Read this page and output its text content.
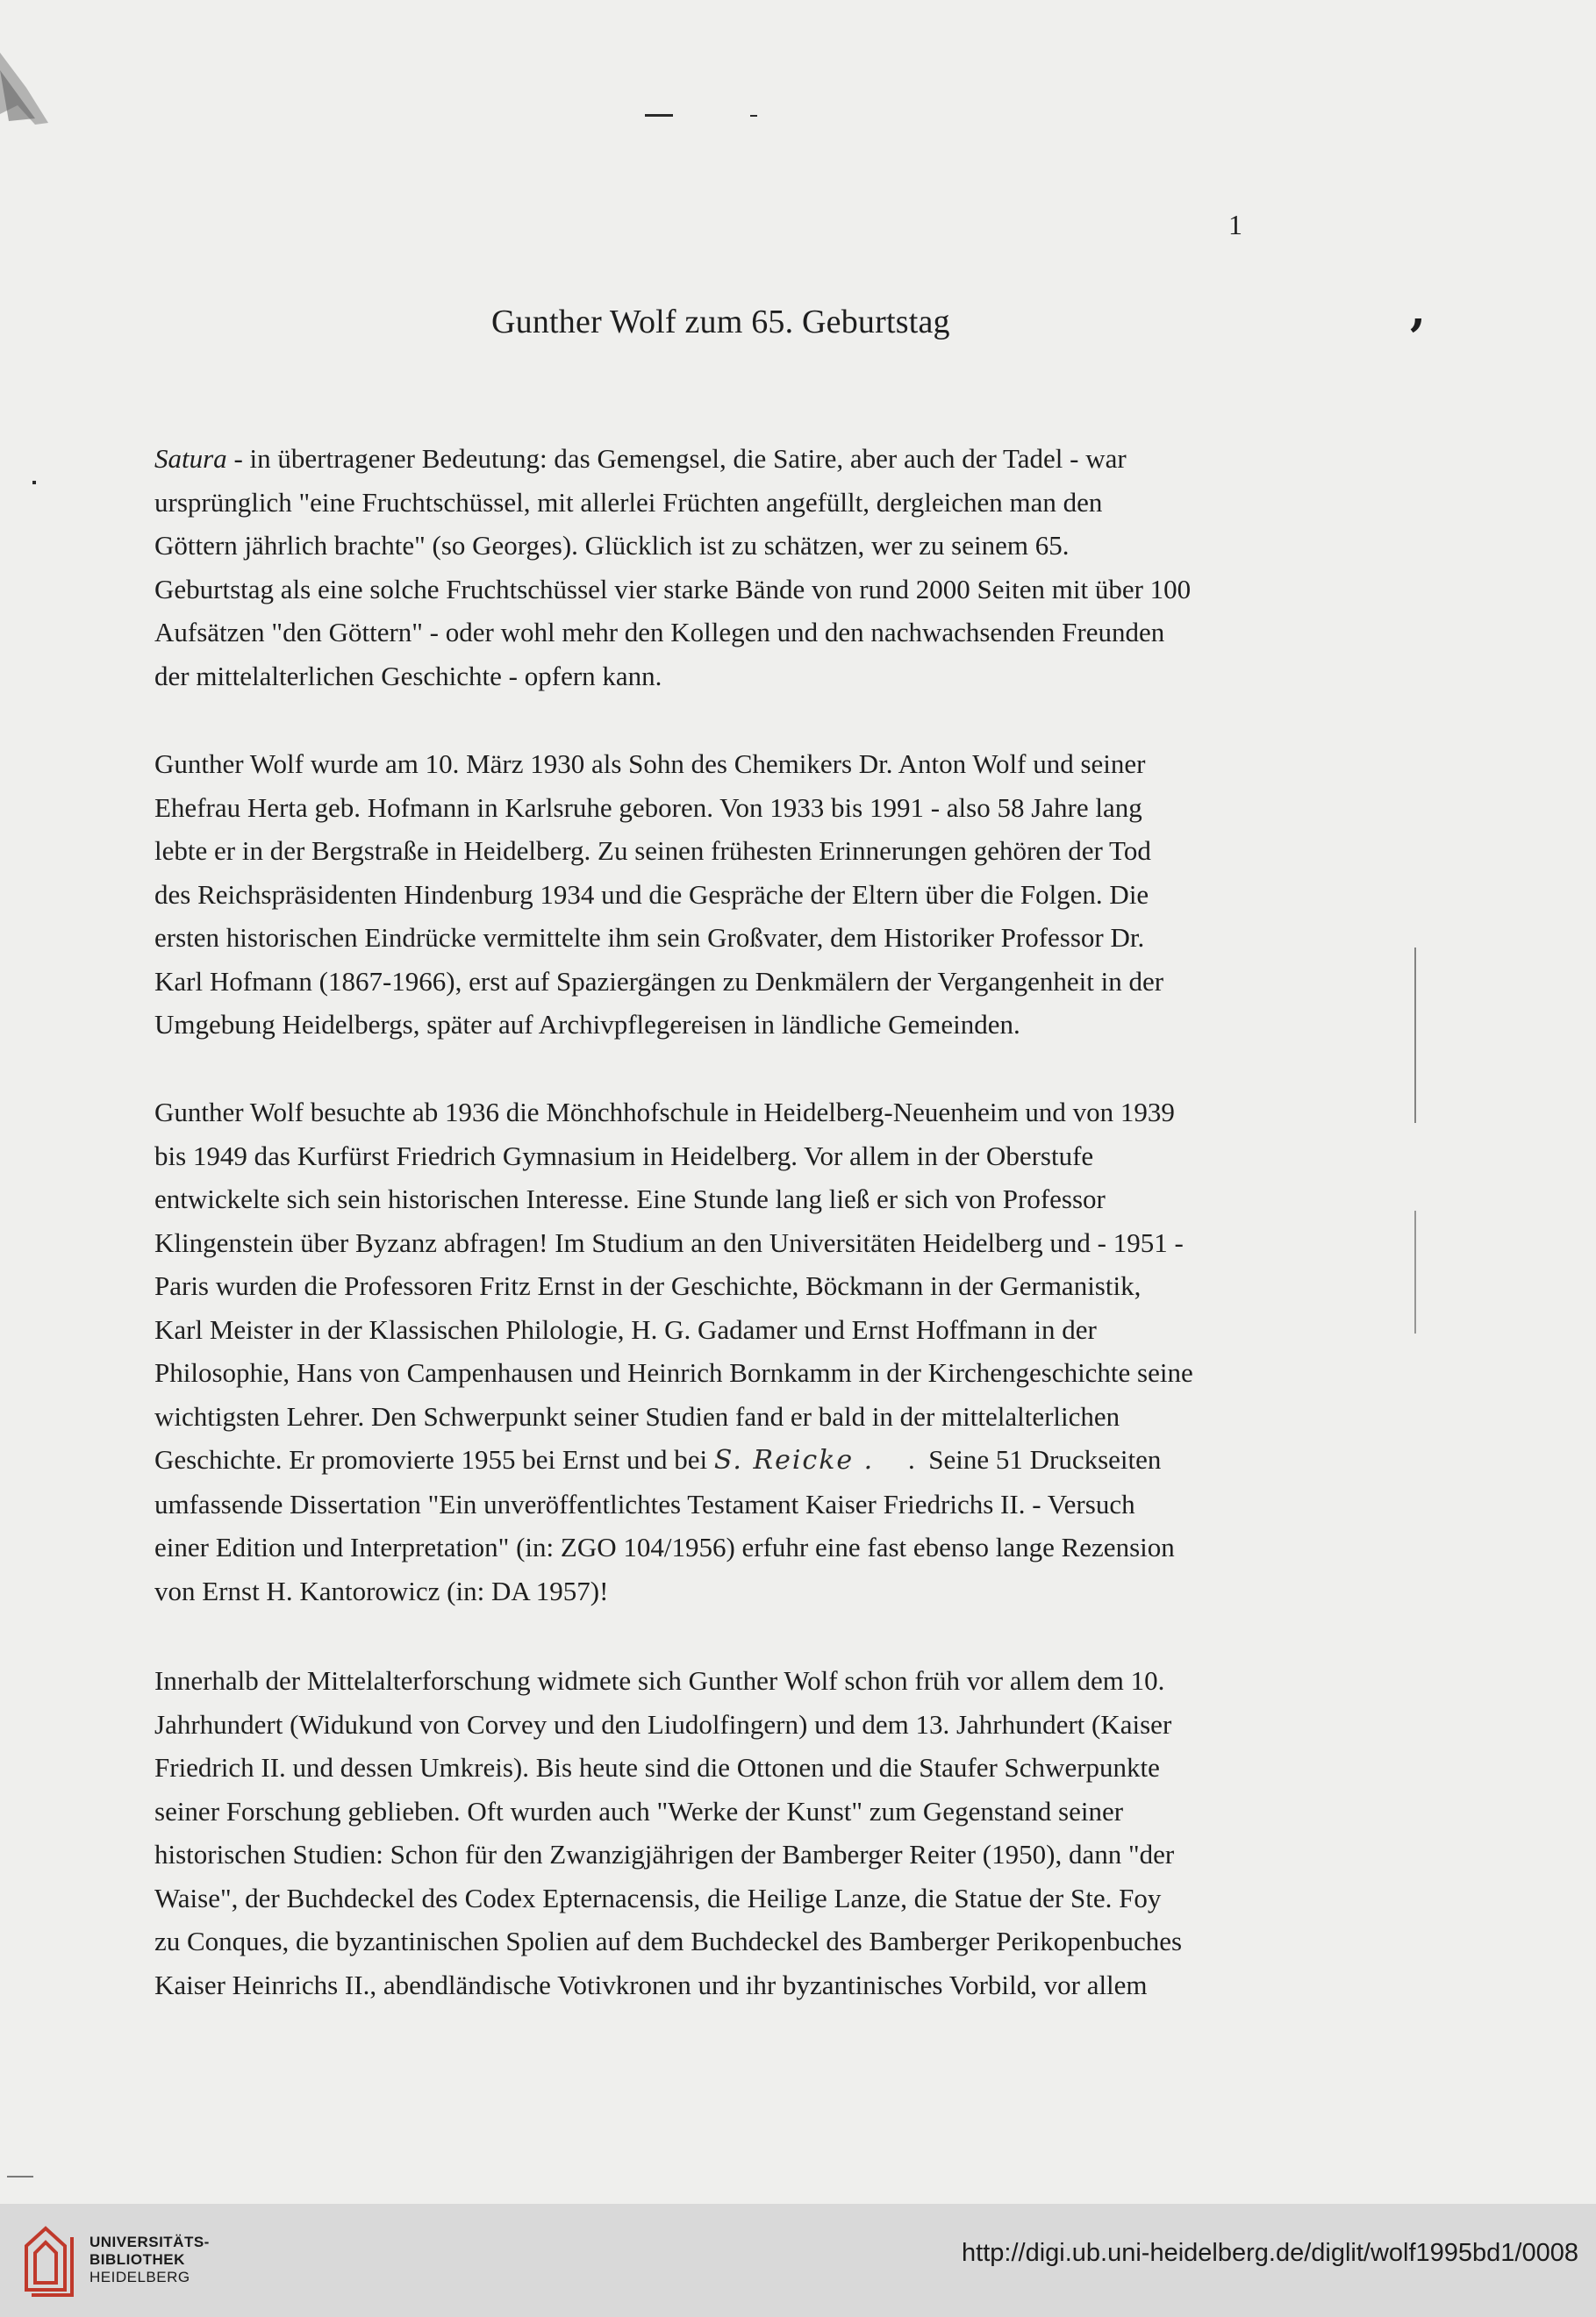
1
’
Gunther Wolf zum 65. Geburtstag
Satura - in übertragener Bedeutung: das Gemengsel, die Satire, aber auch der Tadel - war
ursprünglich "eine Fruchtschüssel, mit allerlei Früchten angefüllt, dergleichen man den
Göttern jährlich brachte" (so Georges). Glücklich ist zu schätzen, wer zu seinem 65.
Geburtstag als eine solche Fruchtschüssel vier starke Bände von rund 2000 Seiten mit über 100
Aufsätzen "den Göttern" - oder wohl mehr den Kollegen und den nachwachsenden Freunden
der mittelalterlichen Geschichte - opfern kann.
Gunther Wolf wurde am 10. März 1930 als Sohn des Chemikers Dr. Anton Wolf und seiner
Ehefrau Herta geb. Hofmann in Karlsruhe geboren. Von 1933 bis 1991 - also 58 Jahre lang
lebte er in der Bergstraße in Heidelberg. Zu seinen frühesten Erinnerungen gehören der Tod
des Reichspräsidenten Hindenburg 1934 und die Gespräche der Eltern über die Folgen. Die
ersten historischen Eindrücke vermittelte ihm sein Großvater, dem Historiker Professor Dr.
Karl Hofmann (1867-1966), erst auf Spaziergängen zu Denkmälern der Vergangenheit in der
Umgebung Heidelbergs, später auf Archivpflegereisen in ländliche Gemeinden.
Gunther Wolf besuchte ab 1936 die Mönchhofschule in Heidelberg-Neuenheim und von 1939
bis 1949 das Kurfürst Friedrich Gymnasium in Heidelberg. Vor allem in der Oberstufe
entwickelte sich sein historischen Interesse. Eine Stunde lang ließ er sich von Professor
Klingenstein über Byzanz abfragen! Im Studium an den Universitäten Heidelberg und - 1951 -
Paris wurden die Professoren Fritz Ernst in der Geschichte, Böckmann in der Germanistik,
Karl Meister in der Klassischen Philologie, H. G. Gadamer und Ernst Hoffmann in der
Philosophie, Hans von Campenhausen und Heinrich Bornkamm in der Kirchengeschichte seine
wichtigsten Lehrer. Den Schwerpunkt seiner Studien fand er bald in der mittelalterlichen
Geschichte. Er promovierte 1955 bei Ernst und bei S. Reicke .     .  Seine 51 Druckseiten
umfassende Dissertation "Ein unveröffentlichtes Testament Kaiser Friedrichs II. - Versuch
einer Edition und Interpretation" (in: ZGO 104/1956) erfuhr eine fast ebenso lange Rezension
von Ernst H. Kantorowicz (in: DA 1957)!
Innerhalb der Mittelalterforschung widmete sich Gunther Wolf schon früh vor allem dem 10.
Jahrhundert (Widukund von Corvey und den Liudolfingern) und dem 13. Jahrhundert (Kaiser
Friedrich II. und dessen Umkreis). Bis heute sind die Ottonen und die Staufer Schwerpunkte
seiner Forschung geblieben. Oft wurden auch "Werke der Kunst" zum Gegenstand seiner
historischen Studien: Schon für den Zwanzigjährigen der Bamberger Reiter (1950), dann "der
Waise", der Buchdeckel des Codex Epternacensis, die Heilige Lanze, die Statue der Ste. Foy
zu Conques, die byzantinischen Spolien auf dem Buchdeckel des Bamberger Perikopenbuches
Kaiser Heinrichs II., abendländische Votivkronen und ihr byzantinisches Vorbild, vor allem
UNIVERSITÄTS-
BIBLIOTHEK
HEIDELBERG
http://digi.ub.uni-heidelberg.de/diglit/wolf1995bd1/0008
